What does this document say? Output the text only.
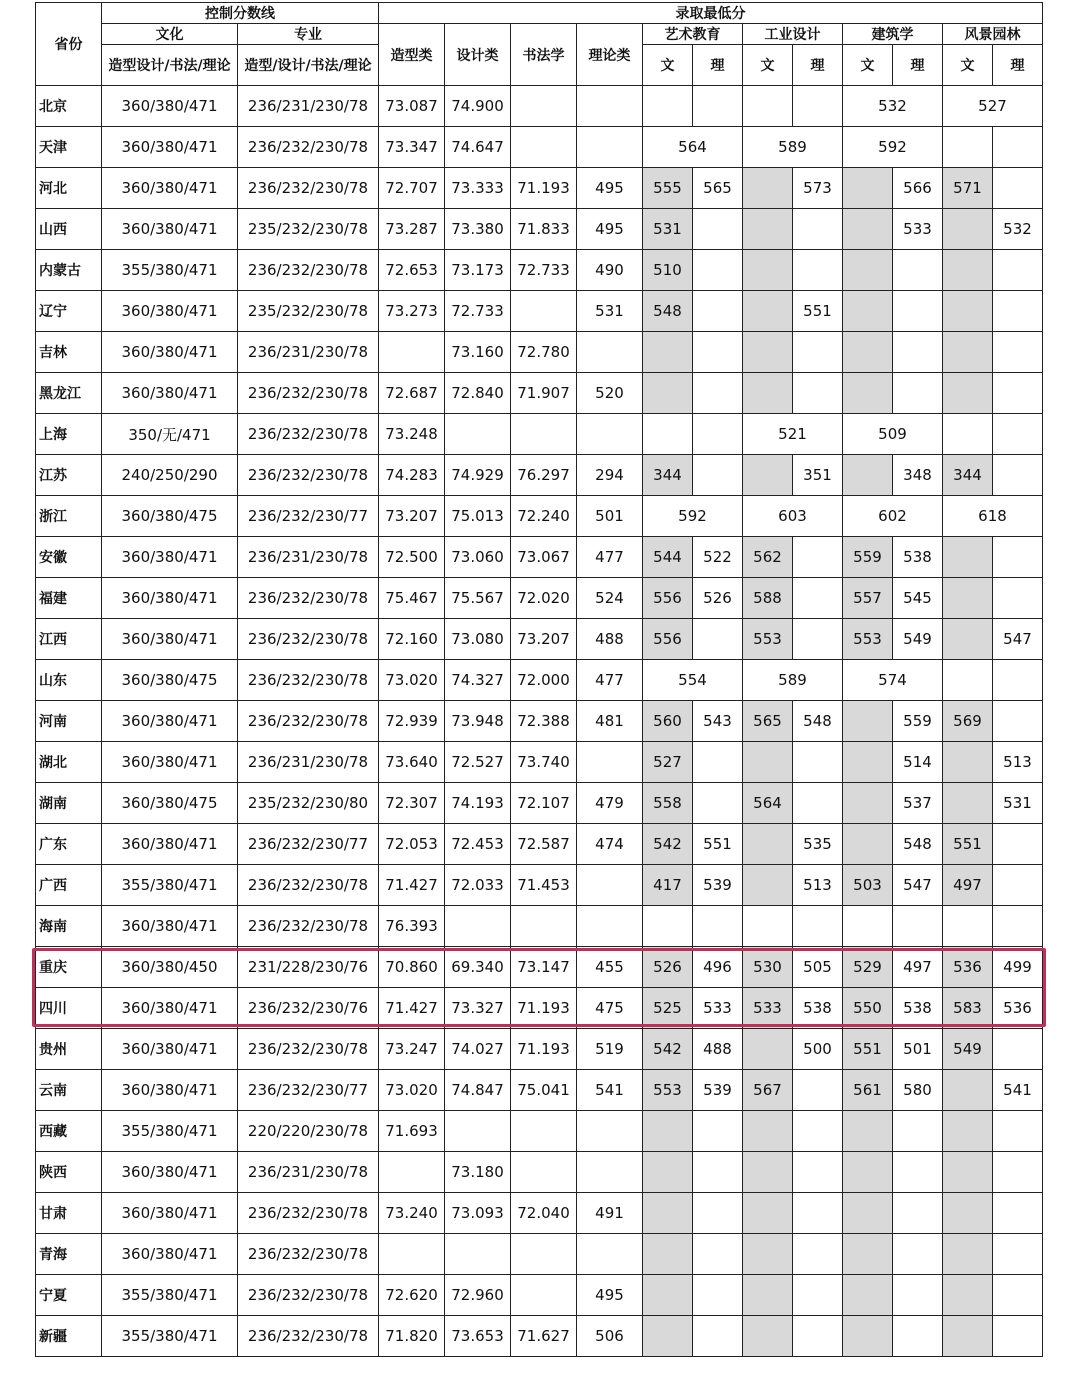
省份	控制分数线		录取最低分											
	文化	专业	造型类	设计类	书法学	理论类	艺术教育		工业设计		建筑学		风景园林	
	造型设计/书法/理论	造型/设计/书法/理论					文	理	文	理	文	理	文	理
北京	360/380/471	236/231/230/78	73.087	74.900							532		527	
天津	360/380/471	236/232/230/78	73.347	74.647			564		589		592			
河北	360/380/471	236/232/230/78	72.707	73.333	71.193	495	555	565		573		566	571	
山西	360/380/471	235/232/230/78	73.287	73.380	71.833	495	531					533		532
内蒙古	355/380/471	236/232/230/78	72.653	73.173	72.733	490	510							
辽宁	360/380/471	235/232/230/78	73.273	72.733		531	548			551				
吉林	360/380/471	236/231/230/78		73.160	72.780									
黑龙江	360/380/471	236/232/230/78	72.687	72.840	71.907	520								
上海	350/无/471	236/232/230/78	73.248						521		509			
江苏	240/250/290	236/232/230/78	74.283	74.929	76.297	294	344			351		348	344	
浙江	360/380/475	236/232/230/77	73.207	75.013	72.240	501	592		603		602		618	
安徽	360/380/471	236/231/230/78	72.500	73.060	73.067	477	544	522	562		559	538		
福建	360/380/471	236/232/230/78	75.467	75.567	72.020	524	556	526	588		557	545		
江西	360/380/471	236/232/230/78	72.160	73.080	73.207	488	556		553		553	549		547
山东	360/380/475	236/232/230/78	73.020	74.327	72.000	477	554		589		574			
河南	360/380/471	236/232/230/78	72.939	73.948	72.388	481	560	543	565	548		559	569	
湖北	360/380/471	236/231/230/78	73.640	72.527	73.740		527					514		513
湖南	360/380/475	235/232/230/80	72.307	74.193	72.107	479	558		564			537		531
广东	360/380/471	236/232/230/77	72.053	72.453	72.587	474	542	551		535		548	551	
广西	355/380/471	236/232/230/78	71.427	72.033	71.453		417	539		513	503	547	497	
海南	360/380/471	236/232/230/78	76.393											
重庆	360/380/450	231/228/230/76	70.860	69.340	73.147	455	526	496	530	505	529	497	536	499
四川	360/380/471	236/232/230/76	71.427	73.327	71.193	475	525	533	533	538	550	538	583	536
贵州	360/380/471	236/232/230/78	73.247	74.027	71.193	519	542	488		500	551	501	549	
云南	360/380/471	236/232/230/77	73.020	74.847	75.041	541	553	539	567		561	580		541
西藏	355/380/471	220/220/230/78	71.693											
陕西	360/380/471	236/231/230/78		73.180										
甘肃	360/380/471	236/232/230/78	73.240	73.093	72.040	491								
青海	360/380/471	236/232/230/78												
宁夏	355/380/471	236/232/230/78	72.620	72.960		495								
新疆	355/380/471	236/232/230/78	71.820	73.653	71.627	506								
